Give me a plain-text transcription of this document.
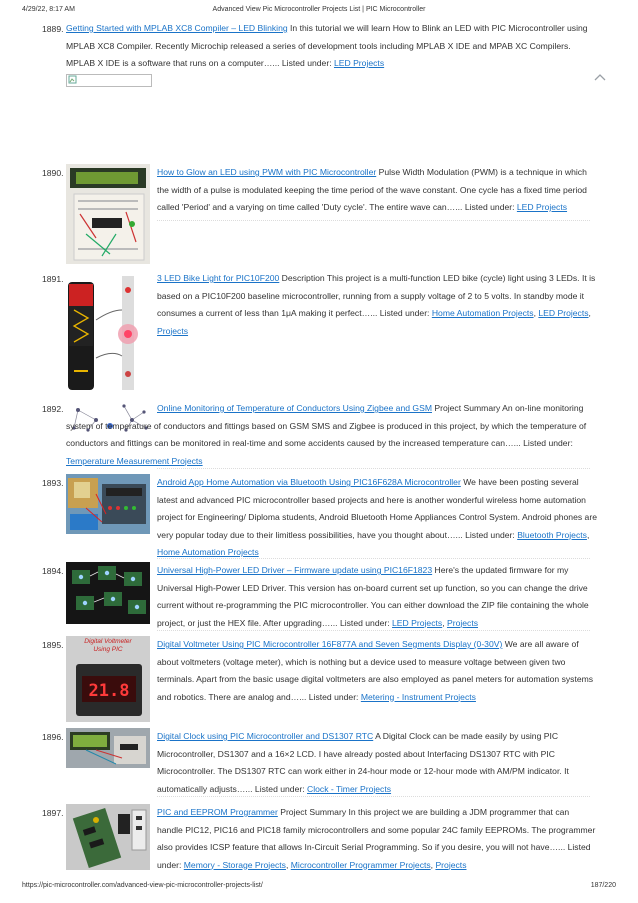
4/29/22, 8:17 AM	Advanced View Pic Microcontroller Projects List | PIC Microcontroller
1889. Getting Started with MPLAB XC8 Compiler – LED Blinking In this tutorial we will learn How to Blink an LED with PIC Microcontroller using MPLAB XC8 Compiler. Recently Microchip released a series of development tools including MPLAB X IDE and MPAB XC Compilers. MPLAB X IDE is a software that runs on a computer…... Listed under: LED Projects
1890.	How to Glow an LED using PWM with PIC Microcontroller Pulse Width Modulation (PWM) is a technique in which the width of a pulse is modulated keeping the time period of the wave constant. One cycle has a fixed time period called 'Period' and a varying on time called 'Duty cycle'. The entire wave can…... Listed under: LED Projects
1891.	3 LED Bike Light for PIC10F200 Description This project is a multi-function LED bike (cycle) light using 3 LEDs. It is based on a PIC10F200 baseline microcontroller, running from a supply voltage of 2 to 5 volts. In standby mode it consumes a current of less than 1μA making it perfect…... Listed under: Home Automation Projects, LED Projects, Projects
1892.	Online Monitoring of Temperature of Conductors Using Zigbee and GSM Project Summary An on-line monitoring system of temperature of conductors and fittings based on GSM SMS and Zigbee is produced in this project, by which the temperature of conductors and fittings can be monitored in real-time and some accidents caused by the increased temperature can…... Listed under: Temperature Measurement Projects
1893.	Android App Home Automation via Bluetooth Using PIC16F628A Microcontroller We have been posting several latest and advanced PIC microcontroller based projects and here is another wonderful wireless home automation project for Engineering/ Diploma students, Android Bluetooth Home Appliances Control System. Android phones are very popular today due to their limitless possibilities, have you thought about…... Listed under: Bluetooth Projects, Home Automation Projects
1894.	Universal High-Power LED Driver – Firmware update using PIC16F1823 Here's the updated firmware for my Universal High-Power LED Driver. This version has on-board current set up function, so you can change the drive current without re-programming the PIC microcontroller. You can either download the ZIP file containing the whole project, or just the HEX file. After upgrading…... Listed under: LED Projects, Projects
1895.	Digital Voltmeter
Using PIC
21.8
Digital Voltmeter Using PIC Microcontroller 16F877A and Seven Segments Display (0-30V) We are all aware of about voltmeters (voltage meter), which is nothing but a device used to measure voltage between given two terminals. Apart from the basic usage digital voltmeters are also employed as panel meters for automation systems and robotics. There are analog and…... Listed under: Metering - Instrument Projects
1896.	Digital Clock using PIC Microcontroller and DS1307 RTC A Digital Clock can be made easily by using PIC Microcontroller, DS1307 and a 16×2 LCD. I have already posted about Interfacing DS1307 RTC with PIC Microcontroller. The DS1307 RTC can work either in 24-hour mode or 12-hour mode with AM/PM indicator. It automatically adjusts…... Listed under: Clock - Timer Projects
1897.	PIC and EEPROM Programmer Project Summary In this project we are building a JDM programmer that can handle PIC12, PIC16 and PIC18 family microcontrollers and some popular 24C family EEPROMs. The programmer also provides ICSP feature that allows In-Circuit Serial Programming. So if you desire, you will not have…... Listed under: Memory - Storage Projects, Microcontroller Programmer Projects, Projects
https://pic-microcontroller.com/advanced-view-pic-microcontroller-projects-list/	187/220
